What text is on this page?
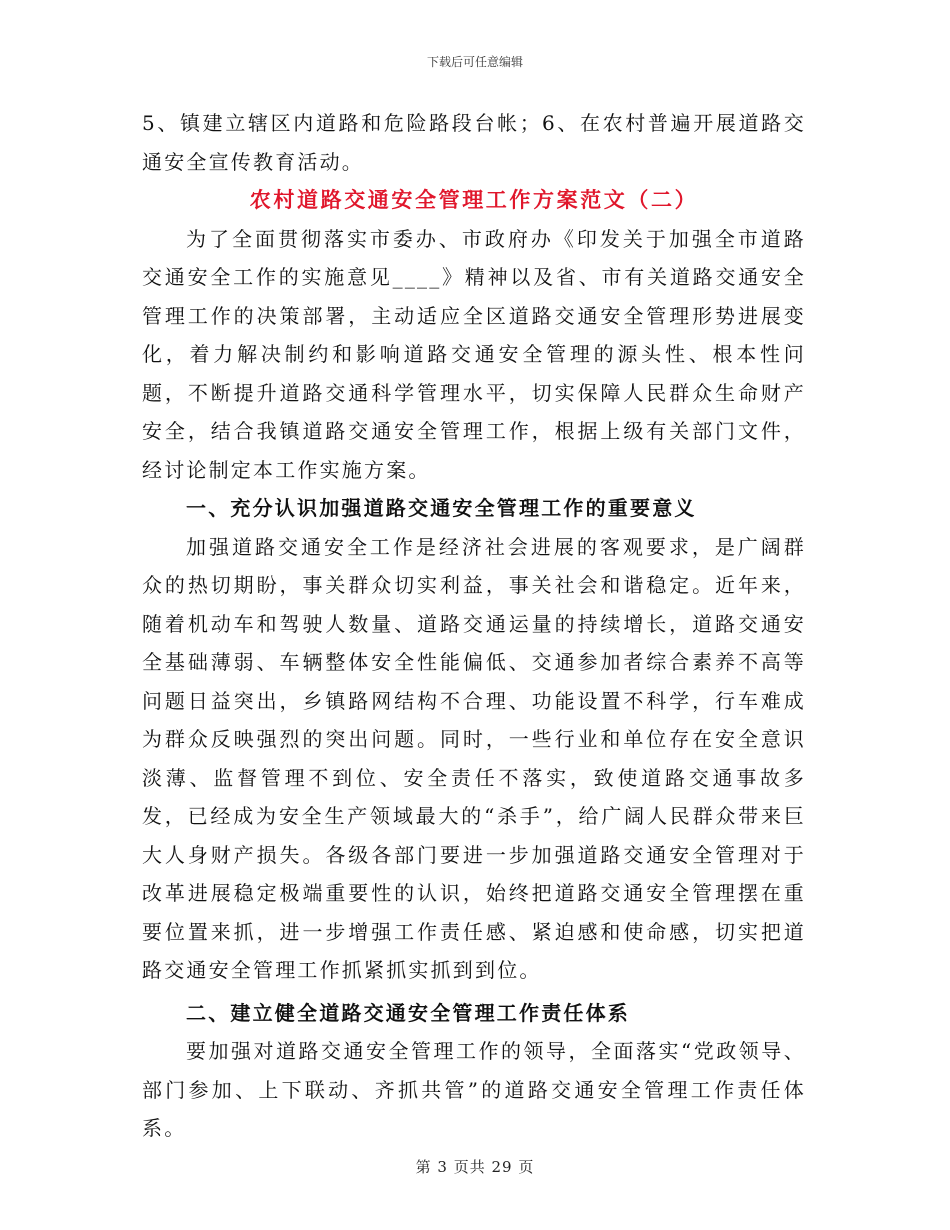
下载后可任意编辑

5、镇建立辖区内道路和危险路段台帐；6、在农村普遍开展道路交通安全宣传教育活动。

农村道路交通安全管理工作方案范文（二）

为了全面贯彻落实市委办、市政府办《印发关于加强全市道路交通安全工作的实施意见____》精神以及省、市有关道路交通安全管理工作的决策部署，主动适应全区道路交通安全管理形势进展变化，着力解决制约和影响道路交通安全管理的源头性、根本性问题，不断提升道路交通科学管理水平，切实保障人民群众生命财产安全，结合我镇道路交通安全管理工作，根据上级有关部门文件，经讨论制定本工作实施方案。

一、充分认识加强道路交通安全管理工作的重要意义

加强道路交通安全工作是经济社会进展的客观要求，是广阔群众的热切期盼，事关群众切实利益，事关社会和谐稳定。近年来，随着机动车和驾驶人数量、道路交通运量的持续增长，道路交通安全基础薄弱、车辆整体安全性能偏低、交通参加者综合素养不高等问题日益突出，乡镇路网结构不合理、功能设置不科学，行车难成为群众反映强烈的突出问题。同时，一些行业和单位存在安全意识淡薄、监督管理不到位、安全责任不落实，致使道路交通事故多发，已经成为安全生产领域最大的“杀手”，给广阔人民群众带来巨大人身财产损失。各级各部门要进一步加强道路交通安全管理对于改革进展稳定极端重要性的认识，始终把道路交通安全管理摆在重要位置来抓，进一步增强工作责任感、紧迫感和使命感，切实把道路交通安全管理工作抓紧抓实抓到到位。

二、建立健全道路交通安全管理工作责任体系

要加强对道路交通安全管理工作的领导，全面落实“党政领导、部门参加、上下联动、齐抓共管”的道路交通安全管理工作责任体系。

第 3 页共 29 页
